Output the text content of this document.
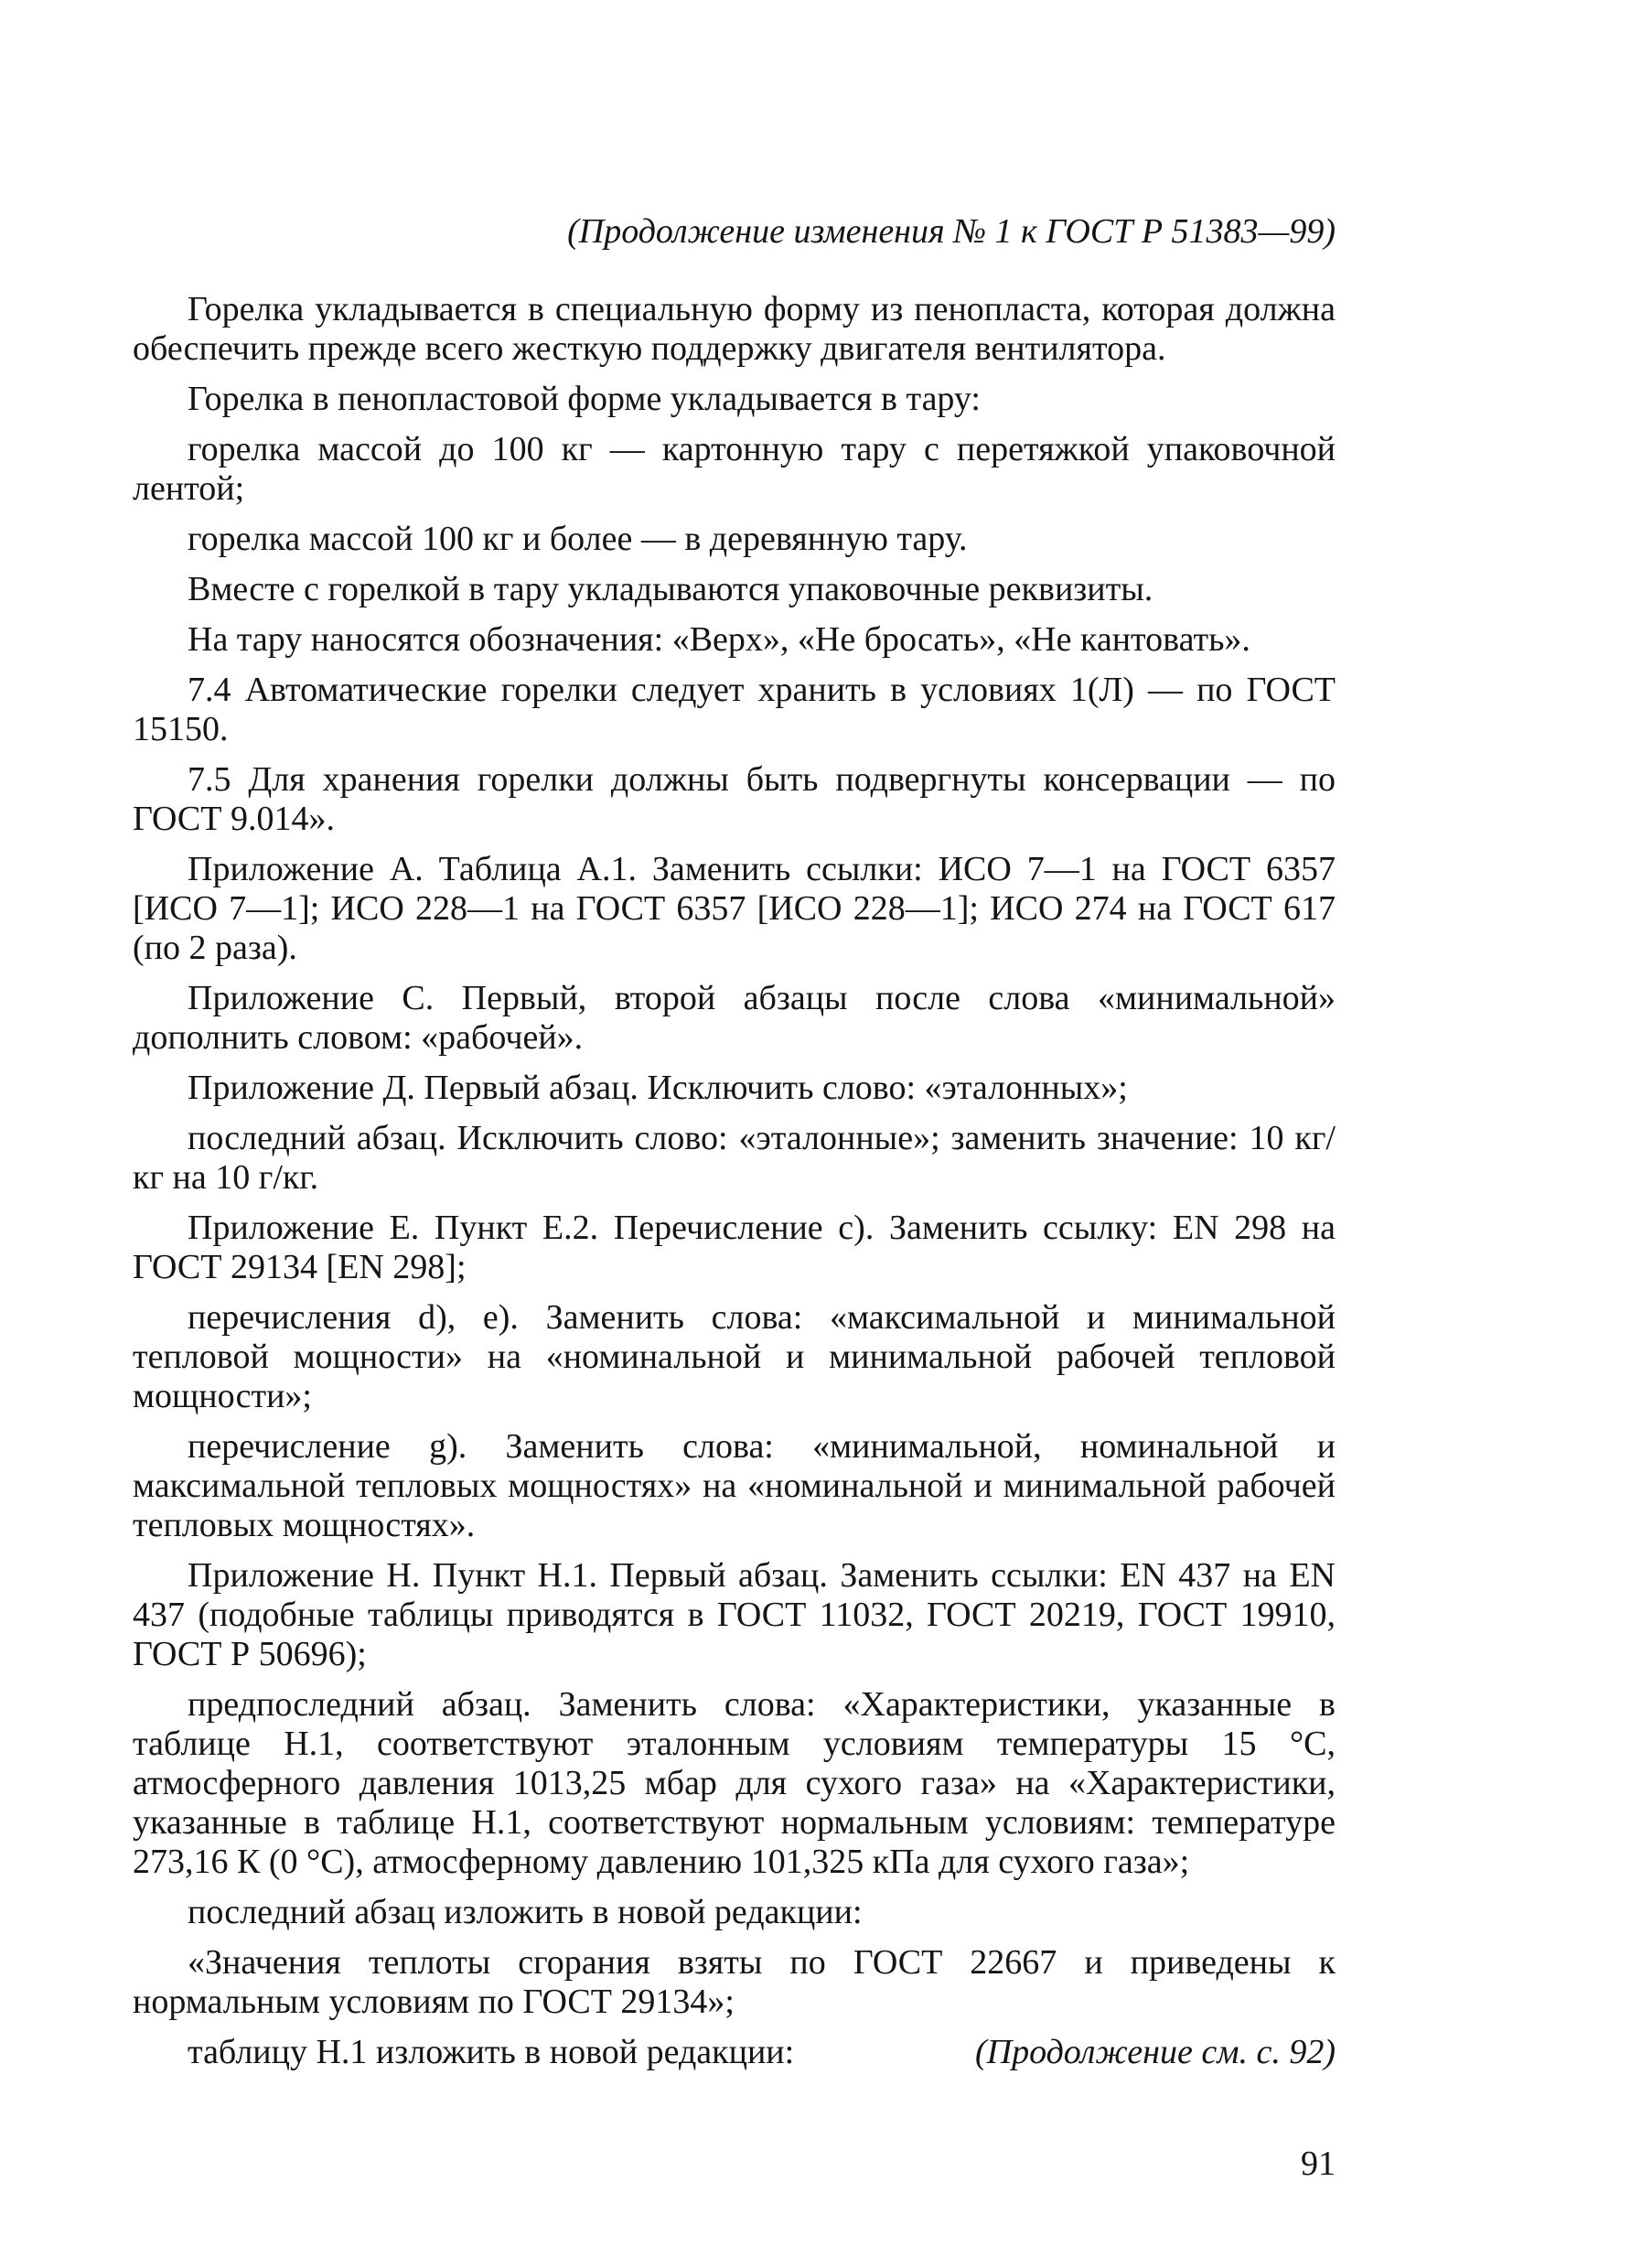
(Продолжение изменения № 1 к ГОСТ Р 51383—99)

Горелка укладывается в специальную форму из пенопласта, которая должна обеспечить прежде всего жесткую поддержку двигателя вентилятора.

Горелка в пенопластовой форме укладывается в тару:

горелка массой до 100 кг — картонную тару с перетяжкой упаковочной лентой;

горелка массой 100 кг и более — в деревянную тару.

Вместе с горелкой в тару укладываются упаковочные реквизиты.

На тару наносятся обозначения: «Верх», «Не бросать», «Не кантовать».

7.4 Автоматические горелки следует хранить в условиях 1(Л) — по ГОСТ 15150.

7.5 Для хранения горелки должны быть подвергнуты консервации — по ГОСТ 9.014».

Приложение А. Таблица А.1. Заменить ссылки: ИСО 7—1 на ГОСТ 6357 [ИСО 7—1]; ИСО 228—1 на ГОСТ 6357 [ИСО 228—1]; ИСО 274 на ГОСТ 617 (по 2 раза).

Приложение С. Первый, второй абзацы после слова «минимальной» дополнить словом: «рабочей».

Приложение Д. Первый абзац. Исключить слово: «эталонных»;

последний абзац. Исключить слово: «эталонные»; заменить значение: 10 кг/кг на 10 г/кг.

Приложение Е. Пункт Е.2. Перечисление с). Заменить ссылку: EN 298 на ГОСТ 29134 [EN 298];

перечисления d), е). Заменить слова: «максимальной и минимальной тепловой мощности» на «номинальной и минимальной рабочей тепловой мощности»;

перечисление g). Заменить слова: «минимальной, номинальной и максимальной тепловых мощностях» на «номинальной и минимальной рабочей тепловых мощностях».

Приложение Н. Пункт Н.1. Первый абзац. Заменить ссылки: EN 437 на EN 437 (подобные таблицы приводятся в ГОСТ 11032, ГОСТ 20219, ГОСТ 19910, ГОСТ Р 50696);

предпоследний абзац. Заменить слова: «Характеристики, указанные в таблице Н.1, соответствуют эталонным условиям температуры 15 °С, атмосферного давления 1013,25 мбар для сухого газа» на «Характеристики, указанные в таблице Н.1, соответствуют нормальным условиям: температуре 273,16 К (0 °С), атмосферному давлению 101,325 кПа для сухого газа»;

последний абзац изложить в новой редакции:

«Значения теплоты сгорания взяты по ГОСТ 22667 и приведены к нормальным условиям по ГОСТ 29134»;

таблицу Н.1 изложить в новой редакции:	(Продолжение см. с. 92)
91
